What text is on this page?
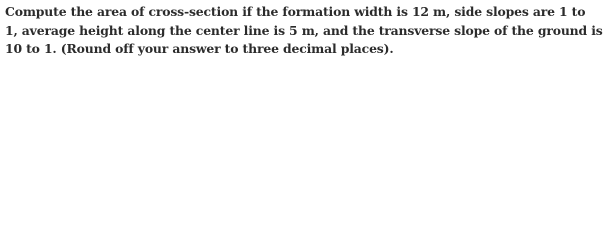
Compute the area of cross-section if the formation width is 12 m, side slopes are 1 to
1, average height along the center line is 5 m, and the transverse slope of the ground is
10 to 1. (Round off your answer to three decimal places).
